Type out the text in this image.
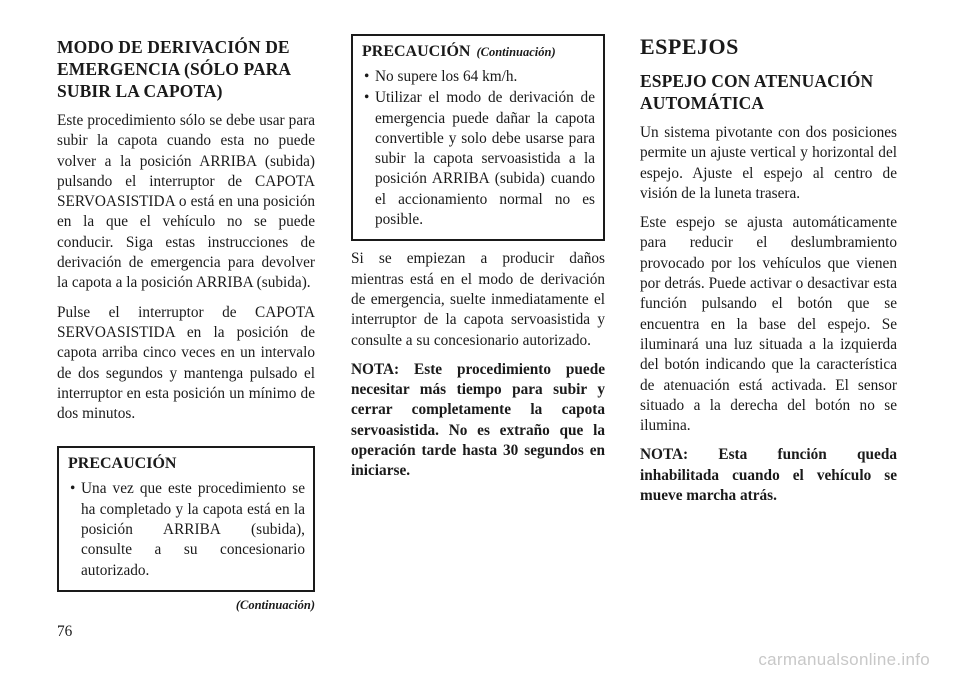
MODO DE DERIVACIÓN DE EMERGENCIA (SÓLO PARA SUBIR LA CAPOTA)

Este procedimiento sólo se debe usar para subir la capota cuando esta no puede volver a la posición ARRIBA (subida) pulsando el interruptor de CAPOTA SERVOASISTIDA o está en una posición en la que el vehículo no se puede conducir. Siga estas instrucciones de derivación de emergencia para devolver la capota a la posición ARRIBA (subida).

Pulse el interruptor de CAPOTA SERVOASISTIDA en la posición de capota arriba cinco veces en un intervalo de dos segundos y mantenga pulsado el interruptor en esta posición un mínimo de dos minutos.

PRECAUCIÓN
• Una vez que este procedimiento se ha completado y la capota está en la posición ARRIBA (subida), consulte a su concesionario autorizado.
(Continuación)
PRECAUCIÓN (Continuación)
• No supere los 64 km/h.
• Utilizar el modo de derivación de emergencia puede dañar la capota convertible y solo debe usarse para subir la capota servoasistida a la posición ARRIBA (subida) cuando el accionamiento normal no es posible.

Si se empiezan a producir daños mientras está en el modo de derivación de emergencia, suelte inmediatamente el interruptor de la capota servoasistida y consulte a su concesionario autorizado.

NOTA: Este procedimiento puede necesitar más tiempo para subir y cerrar completamente la capota servoasistida. No es extraño que la operación tarde hasta 30 segundos en iniciarse.

ESPEJOS
ESPEJO CON ATENUACIÓN AUTOMÁTICA

Un sistema pivotante con dos posiciones permite un ajuste vertical y horizontal del espejo. Ajuste el espejo al centro de visión de la luneta trasera.

Este espejo se ajusta automáticamente para reducir el deslumbramiento provocado por los vehículos que vienen por detrás. Puede activar o desactivar esta función pulsando el botón que se encuentra en la base del espejo. Se iluminará una luz situada a la izquierda del botón indicando que la característica de atenuación está activada. El sensor situado a la derecha del botón no se ilumina.

NOTA: Esta función queda inhabilitada cuando el vehículo se mueve marcha atrás.

76
carmanualsonline.info
